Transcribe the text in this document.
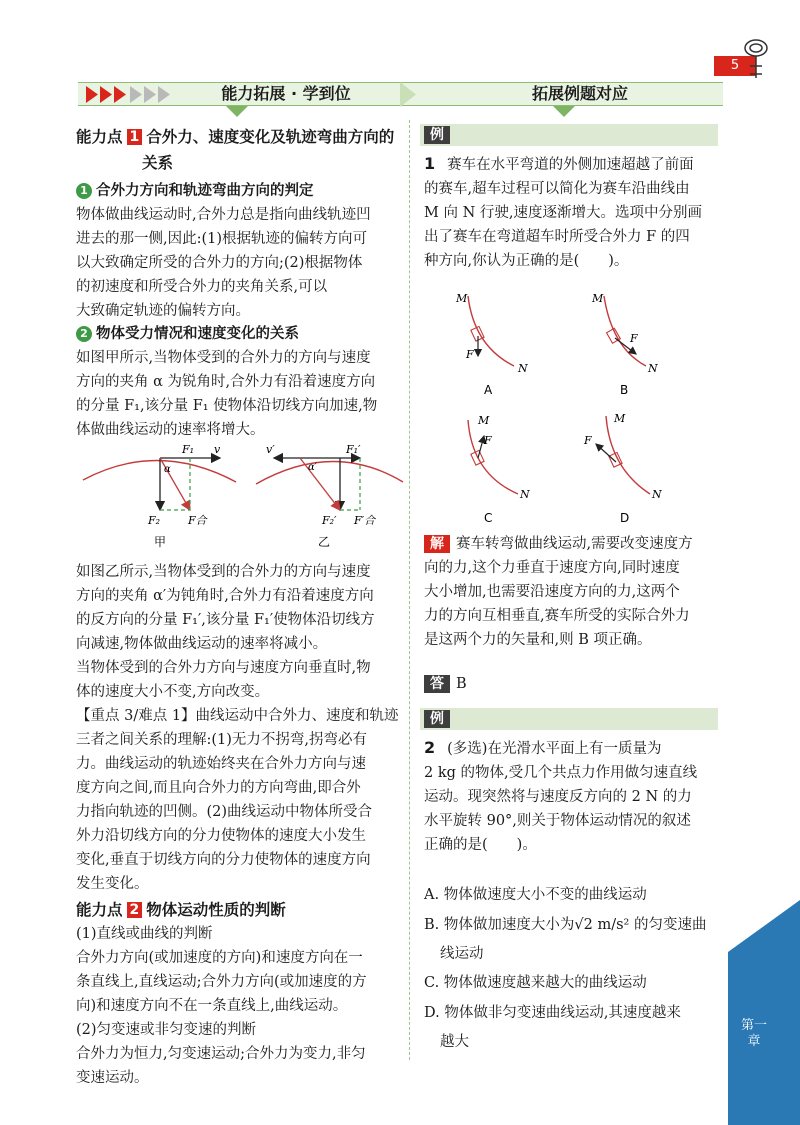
5
能力拓展 · 学到位	拓展例题对应
能力点 1 合外力、速度变化及轨迹弯曲方向的
关系
1 合外力方向和轨迹弯曲方向的判定
物体做曲线运动时,合外力总是指向曲线轨迹凹
进去的那一侧,因此:(1)根据轨迹的偏转方向可
以大致确定所受的合外力的方向;(2)根据物体
的初速度和所受合外力的夹角关系,可以
大致确定轨迹的偏转方向。
2 物体受力情况和速度变化的关系
如图甲所示,当物体受到的合外力的方向与速度
方向的夹角 α 为锐角时,合外力有沿着速度方向
的分量 F₁,该分量 F₁ 使物体沿切线方向加速,物
体做曲线运动的速率将增大。
F₁ v
α
F₂	F合
甲
v′	F₁′
α′
F₂′ F′合
乙
如图乙所示,当物体受到的合外力的方向与速度
方向的夹角 α′为钝角时,合外力有沿着速度方向
的反方向的分量 F₁′,该分量 F₁′使物体沿切线方
向减速,物体做曲线运动的速率将减小。
当物体受到的合外力方向与速度方向垂直时,物
体的速度大小不变,方向改变。
【重点 3/难点 1】曲线运动中合外力、速度和轨迹
三者之间关系的理解:(1)无力不拐弯,拐弯必有
力。曲线运动的轨迹始终夹在合外力方向与速
度方向之间,而且向合外力的方向弯曲,即合外
力指向轨迹的凹侧。(2)曲线运动中物体所受合
外力沿切线方向的分力使物体的速度大小发生
变化,垂直于切线方向的分力使物体的速度方向
发生变化。
能力点 2 物体运动性质的判断
(1)直线或曲线的判断
合外力方向(或加速度的方向)和速度方向在一
条直线上,直线运动;合外力方向(或加速度的方
向)和速度方向不在一条直线上,曲线运动。
(2)匀变速或非匀变速的判断
合外力为恒力,匀变速运动;合外力为变力,非匀
变速运动。
例
1 赛车在水平弯道的外侧加速超越了前面
的赛车,超车过程可以简化为赛车沿曲线由
M 向 N 行驶,速度逐渐增大。选项中分别画
出了赛车在弯道超车时所受合外力 F 的四
种方向,你认为正确的是(　　)。
M
F
N
A
M
F
N
B
M
F
N
C
M
F
N
D
解 赛车转弯做曲线运动,需要改变速度方
向的力,这个力垂直于速度方向,同时速度
大小增加,也需要沿速度方向的力,这两个
力的方向互相垂直,赛车所受的实际合外力
是这两个力的矢量和,则 B 项正确。
答 B
例
2 (多选)在光滑水平面上有一质量为
2 kg 的物体,受几个共点力作用做匀速直线
运动。现突然将与速度反方向的 2 N 的力
水平旋转 90°,则关于物体运动情况的叙述
正确的是(　　)。
A. 物体做速度大小不变的曲线运动
B. 物体做加速度大小为√2 m/s² 的匀变速曲
线运动
C. 物体做速度越来越大的曲线运动
D. 物体做非匀变速曲线运动,其速度越来
越大
第一章
